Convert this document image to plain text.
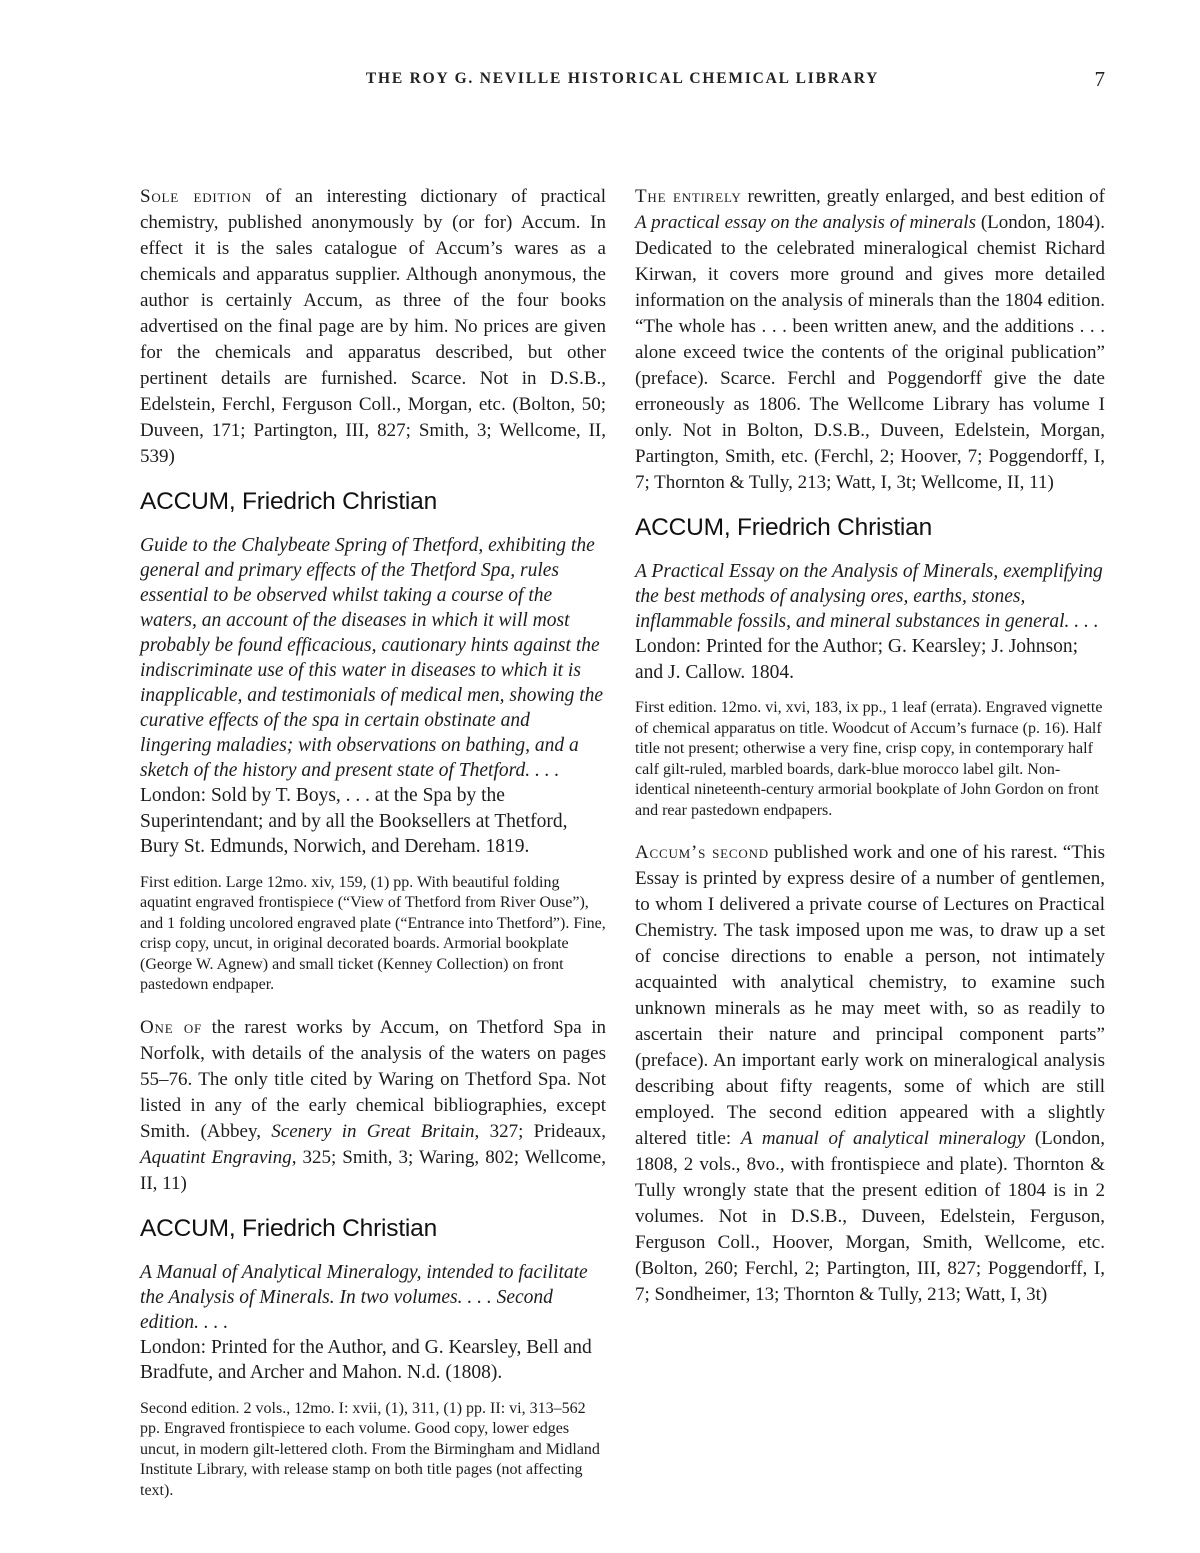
THE ROY G. NEVILLE HISTORICAL CHEMICAL LIBRARY	7

Sole edition of an interesting dictionary of practical chemistry, published anonymously by (or for) Accum. In effect it is the sales catalogue of Accum’s wares as a chemicals and apparatus supplier. Although anonymous, the author is certainly Accum, as three of the four books advertised on the final page are by him. No prices are given for the chemicals and apparatus described, but other pertinent details are furnished. Scarce. Not in D.S.B., Edelstein, Ferchl, Ferguson Coll., Morgan, etc. (Bolton, 50; Duveen, 171; Partington, III, 827; Smith, 3; Wellcome, II, 539)

ACCUM, Friedrich Christian

Guide to the Chalybeate Spring of Thetford, exhibiting the general and primary effects of the Thetford Spa, rules essential to be observed whilst taking a course of the waters, an account of the diseases in which it will most probably be found efficacious, cautionary hints against the indiscriminate use of this water in diseases to which it is inapplicable, and testimonials of medical men, showing the curative effects of the spa in certain obstinate and lingering maladies; with observations on bathing, and a sketch of the history and present state of Thetford. . . .

London: Sold by T. Boys, . . . at the Spa by the Superintendant; and by all the Booksellers at Thetford, Bury St. Edmunds, Norwich, and Dereham. 1819.

First edition. Large 12mo. xiv, 159, (1) pp. With beautiful folding aquatint engraved frontispiece (“View of Thetford from River Ouse”), and 1 folding uncolored engraved plate (“Entrance into Thetford”). Fine, crisp copy, uncut, in original decorated boards. Armorial bookplate (George W. Agnew) and small ticket (Kenney Collection) on front pastedown endpaper.

One of the rarest works by Accum, on Thetford Spa in Norfolk, with details of the analysis of the waters on pages 55–76. The only title cited by Waring on Thetford Spa. Not listed in any of the early chemical bibliographies, except Smith. (Abbey, Scenery in Great Britain, 327; Prideaux, Aquatint Engraving, 325; Smith, 3; Waring, 802; Wellcome, II, 11)

ACCUM, Friedrich Christian

A Manual of Analytical Mineralogy, intended to facilitate the Analysis of Minerals. In two volumes. . . . Second edition. . . .

London: Printed for the Author, and G. Kearsley, Bell and Bradfute, and Archer and Mahon. N.d. (1808).

Second edition. 2 vols., 12mo. I: xvii, (1), 311, (1) pp. II: vi, 313–562 pp. Engraved frontispiece to each volume. Good copy, lower edges uncut, in modern gilt-lettered cloth. From the Birmingham and Midland Institute Library, with release stamp on both title pages (not affecting text).

The entirely rewritten, greatly enlarged, and best edition of A practical essay on the analysis of minerals (London, 1804). Dedicated to the celebrated mineralogical chemist Richard Kirwan, it covers more ground and gives more detailed information on the analysis of minerals than the 1804 edition. “The whole has . . . been written anew, and the additions . . . alone exceed twice the contents of the original publication” (preface). Scarce. Ferchl and Poggendorff give the date erroneously as 1806. The Wellcome Library has volume I only. Not in Bolton, D.S.B., Duveen, Edelstein, Morgan, Partington, Smith, etc. (Ferchl, 2; Hoover, 7; Poggendorff, I, 7; Thornton & Tully, 213; Watt, I, 3t; Wellcome, II, 11)

ACCUM, Friedrich Christian

A Practical Essay on the Analysis of Minerals, exemplifying the best methods of analysing ores, earths, stones, inflammable fossils, and mineral substances in general. . . .

London: Printed for the Author; G. Kearsley; J. Johnson; and J. Callow. 1804.

First edition. 12mo. vi, xvi, 183, ix pp., 1 leaf (errata). Engraved vignette of chemical apparatus on title. Woodcut of Accum’s furnace (p. 16). Half title not present; otherwise a very fine, crisp copy, in contemporary half calf gilt-ruled, marbled boards, dark-blue morocco label gilt. Non-identical nineteenth-century armorial bookplate of John Gordon on front and rear pastedown endpapers.

Accum’s second published work and one of his rarest. “This Essay is printed by express desire of a number of gentlemen, to whom I delivered a private course of Lectures on Practical Chemistry. The task imposed upon me was, to draw up a set of concise directions to enable a person, not intimately acquainted with analytical chemistry, to examine such unknown minerals as he may meet with, so as readily to ascertain their nature and principal component parts” (preface). An important early work on mineralogical analysis describing about fifty reagents, some of which are still employed. The second edition appeared with a slightly altered title: A manual of analytical mineralogy (London, 1808, 2 vols., 8vo., with frontispiece and plate). Thornton & Tully wrongly state that the present edition of 1804 is in 2 volumes. Not in D.S.B., Duveen, Edelstein, Ferguson, Ferguson Coll., Hoover, Morgan, Smith, Wellcome, etc. (Bolton, 260; Ferchl, 2; Partington, III, 827; Poggendorff, I, 7; Sondheimer, 13; Thornton & Tully, 213; Watt, I, 3t)
